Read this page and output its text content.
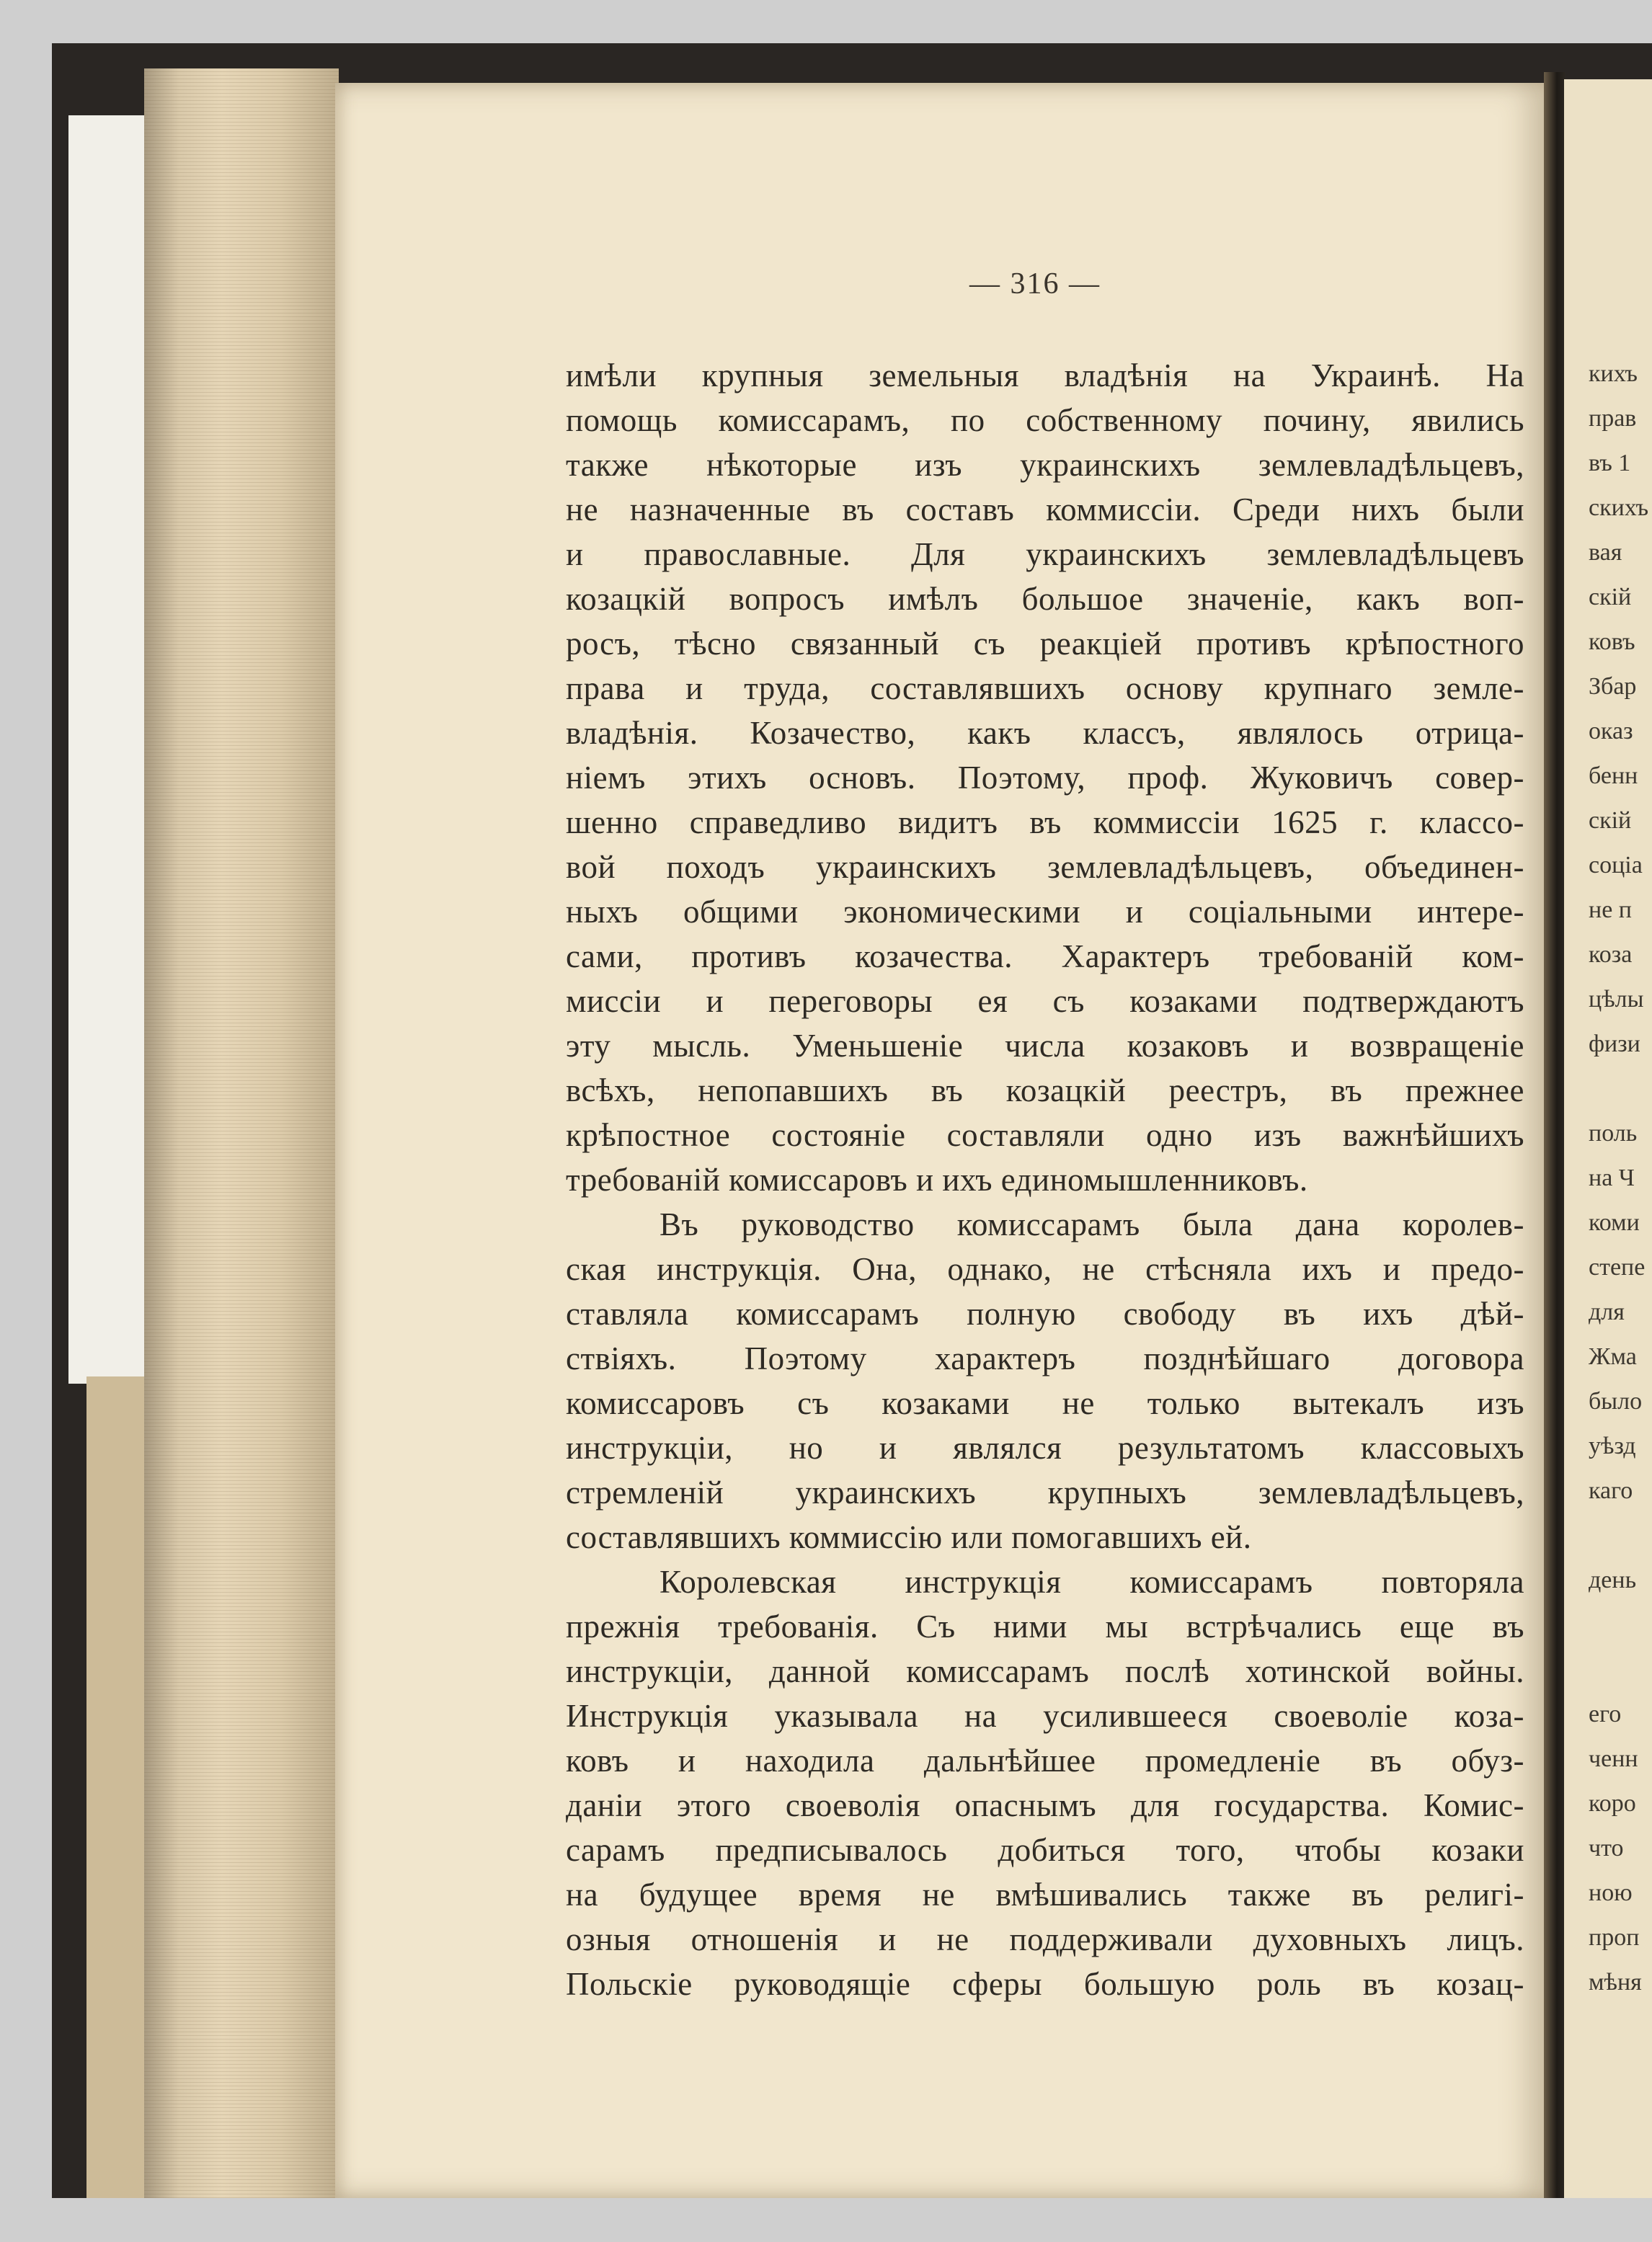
кихъ
прав
въ 1
скихъ
вая
скій
ковъ
Збар
оказ
бенн
скій
соціа
не п
коза
цѣлы
физи
поль
на Ч
коми
степе
для
Жма
было
уѣзд
каго
день
его
ченн
коро
что
ною
проп
мѣня
— 316 —
имѣли крупныя земельныя владѣнія на Украинѣ. На
помощь комиссарамъ, по собственному почину, явились
также нѣкоторые изъ украинскихъ землевладѣльцевъ,
не назначенные въ составъ коммиссіи. Среди нихъ были
и православные. Для украинскихъ землевладѣльцевъ
козацкій вопросъ имѣлъ большое значеніе, какъ воп-
росъ, тѣсно связанный съ реакціей противъ крѣпостного
права и труда, составлявшихъ основу крупнаго земле-
владѣнія. Козачество, какъ классъ, являлось отрица-
ніемъ этихъ основъ. Поэтому, проф. Жуковичъ совер-
шенно справедливо видитъ въ коммиссіи 1625 г. классо-
вой походъ украинскихъ землевладѣльцевъ, объединен-
ныхъ общими экономическими и соціальными интере-
сами, противъ козачества. Характеръ требованій ком-
миссіи и переговоры ея съ козаками подтверждаютъ
эту мысль. Уменьшеніе числа козаковъ и возвращеніе
всѣхъ, непопавшихъ въ козацкій реестръ, въ прежнее
крѣпостное состояніе составляли одно изъ важнѣйшихъ
требованій комиссаровъ и ихъ единомышленниковъ.
Въ руководство комиссарамъ была дана королев-
ская инструкція. Она, однако, не стѣсняла ихъ и предо-
ставляла комиссарамъ полную свободу въ ихъ дѣй-
ствіяхъ. Поэтому характеръ позднѣйшаго договора
комиссаровъ съ козаками не только вытекалъ изъ
инструкціи, но и являлся результатомъ классовыхъ
стремленій украинскихъ крупныхъ землевладѣльцевъ,
составлявшихъ коммиссію или помогавшихъ ей.
Королевская инструкція комиссарамъ повторяла
прежнія требованія. Съ ними мы встрѣчались еще въ
инструкціи, данной комиссарамъ послѣ хотинской войны.
Инструкція указывала на усилившееся своеволіе коза-
ковъ и находила дальнѣйшее промедленіе въ обуз-
даніи этого своеволія опаснымъ для государства. Комис-
сарамъ предписывалось добиться того, чтобы козаки
на будущее время не вмѣшивались также въ религі-
озныя отношенія и не поддерживали духовныхъ лицъ.
Польскіе руководящіе сферы большую роль въ козац-
